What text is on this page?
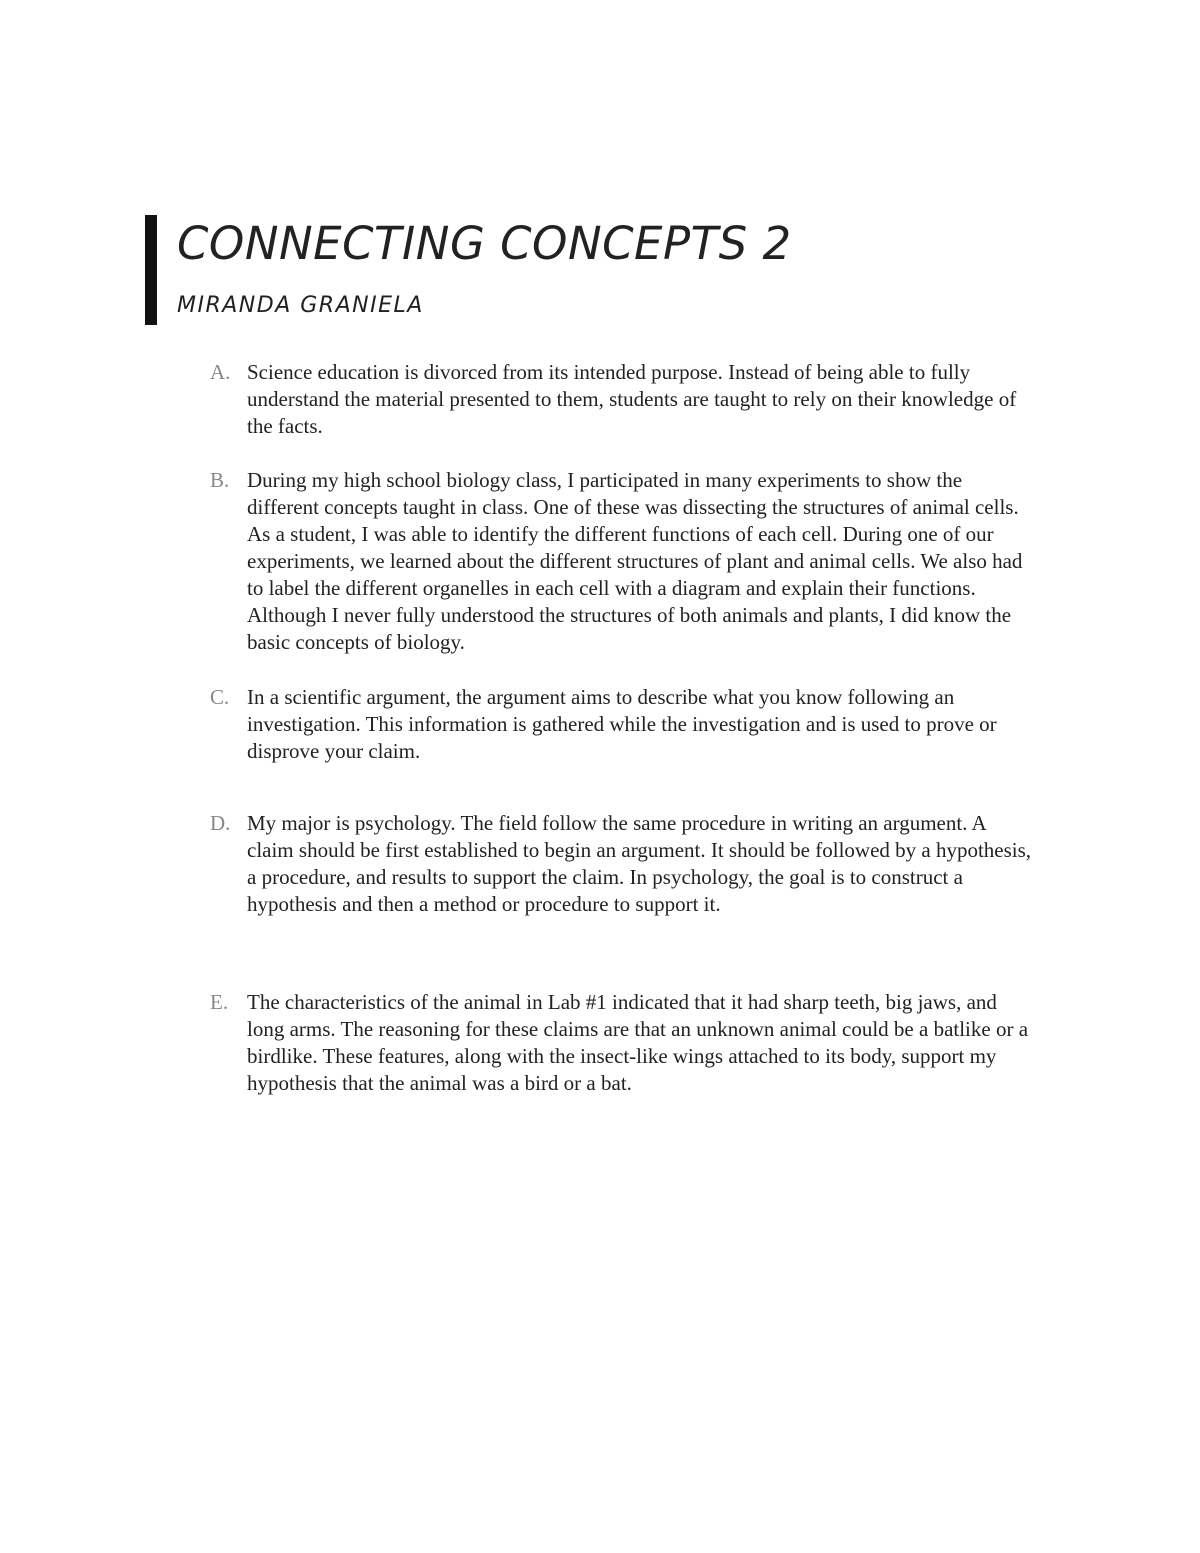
CONNECTING CONCEPTS 2
MIRANDA GRANIELA
A. Science education is divorced from its intended purpose. Instead of being able to fully understand the material presented to them, students are taught to rely on their knowledge of the facts.
B. During my high school biology class, I participated in many experiments to show the different concepts taught in class. One of these was dissecting the structures of animal cells. As a student, I was able to identify the different functions of each cell. During one of our experiments, we learned about the different structures of plant and animal cells. We also had to label the different organelles in each cell with a diagram and explain their functions. Although I never fully understood the structures of both animals and plants, I did know the basic concepts of biology.
C. In a scientific argument, the argument aims to describe what you know following an investigation. This information is gathered while the investigation and is used to prove or disprove your claim.
D. My major is psychology. The field follow the same procedure in writing an argument. A claim should be first established to begin an argument. It should be followed by a hypothesis, a procedure, and results to support the claim. In psychology, the goal is to construct a hypothesis and then a method or procedure to support it.
E. The characteristics of the animal in Lab #1 indicated that it had sharp teeth, big jaws, and long arms. The reasoning for these claims are that an unknown animal could be a batlike or a birdlike. These features, along with the insect-like wings attached to its body, support my hypothesis that the animal was a bird or a bat.
